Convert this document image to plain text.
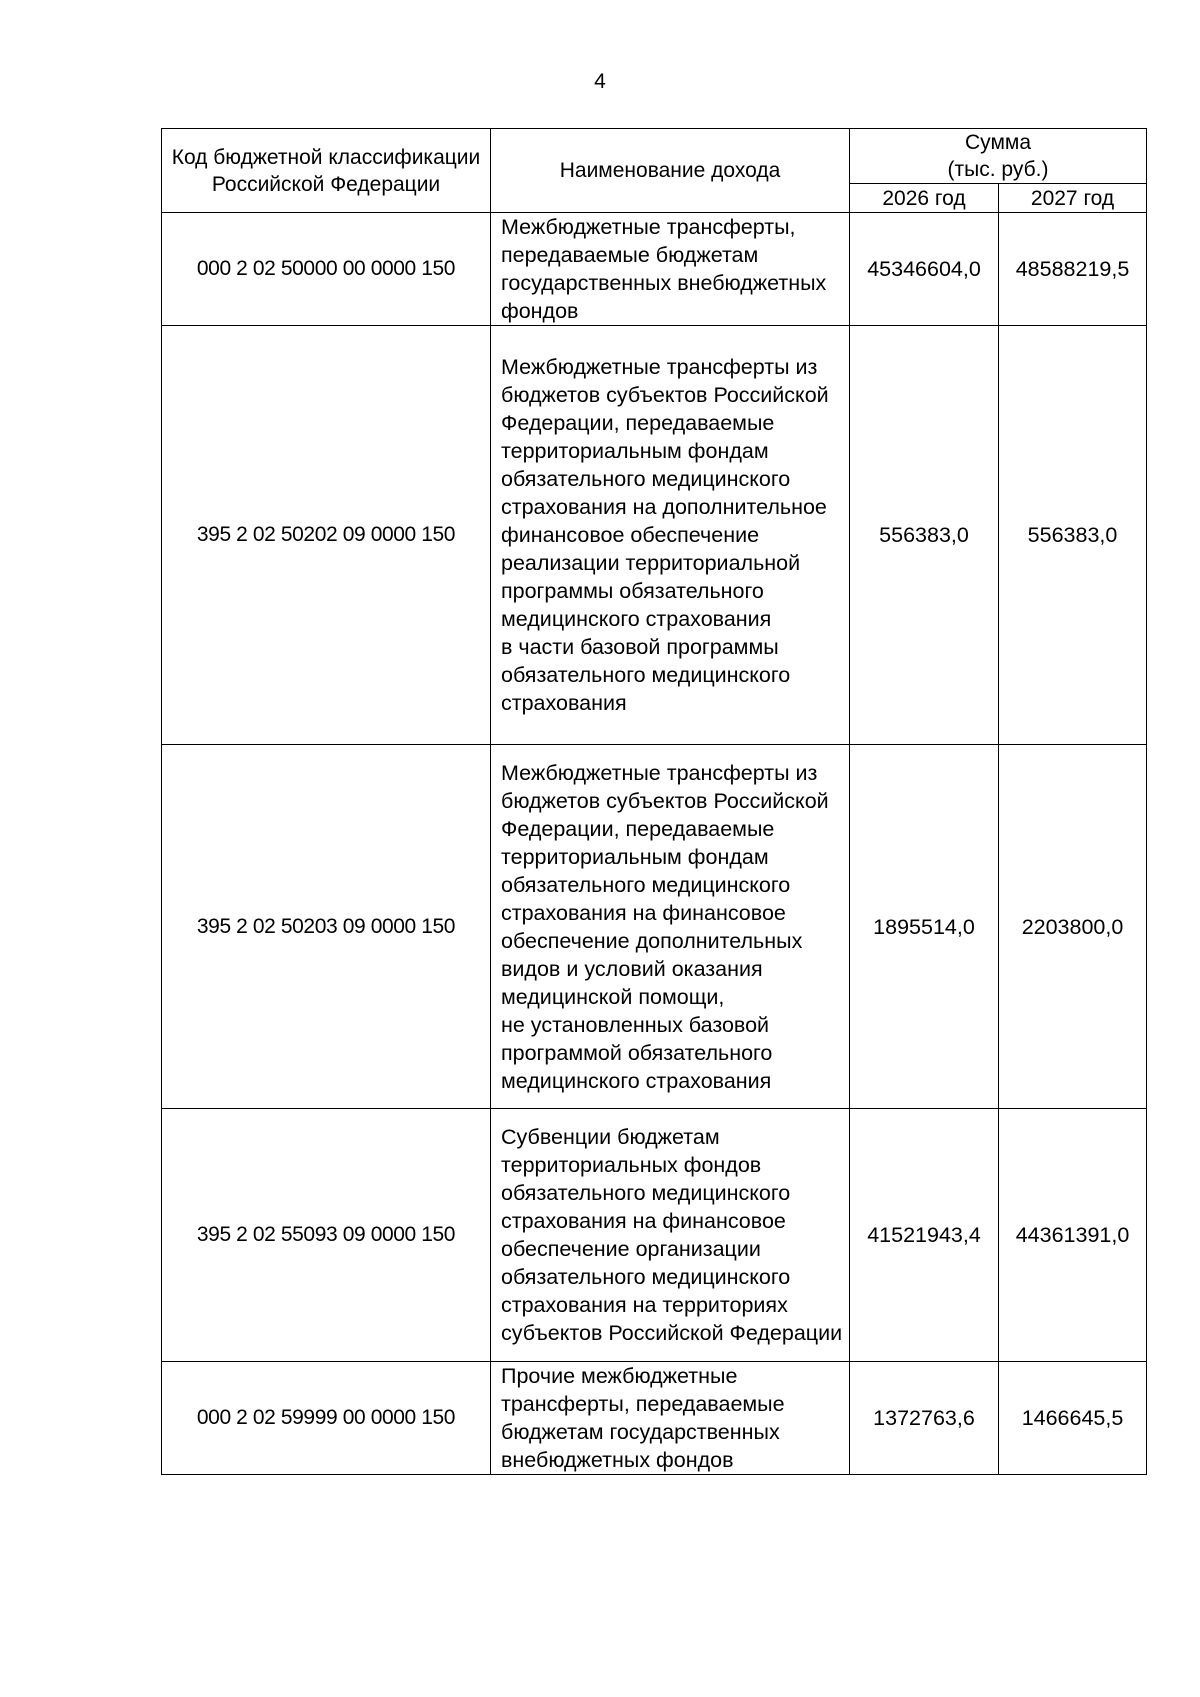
4
Код бюджетной классификации Российской Федерации	Наименование дохода	Сумма
(тыс. руб.)	

		2026 год	2027 год
000 2 02 50000 00 0000 150	Межбюджетные трансферты, передаваемые бюджетам государственных внебюджетных фондов	45346604,0	48588219,5
395 2 02 50202 09 0000 150	Межбюджетные трансферты из бюджетов субъектов Российской Федерации, передаваемые территориальным фондам обязательного медицинского страхования на дополнительное финансовое обеспечение реализации территориальной программы обязательного медицинского страхования
в части базовой программы обязательного медицинского страхования	556383,0	556383,0
395 2 02 50203 09 0000 150	Межбюджетные трансферты из бюджетов субъектов Российской Федерации, передаваемые территориальным фондам обязательного медицинского страхования на финансовое обеспечение дополнительных видов и условий оказания медицинской помощи,
не установленных базовой программой обязательного медицинского страхования	1895514,0	2203800,0
395 2 02 55093 09 0000 150	Субвенции бюджетам территориальных фондов обязательного медицинского страхования на финансовое обеспечение организации обязательного медицинского страхования на территориях субъектов Российской Федерации	41521943,4	44361391,0
000 2 02 59999 00 0000 150	Прочие межбюджетные трансферты, передаваемые бюджетам государственных внебюджетных фондов	1372763,6	1466645,5
